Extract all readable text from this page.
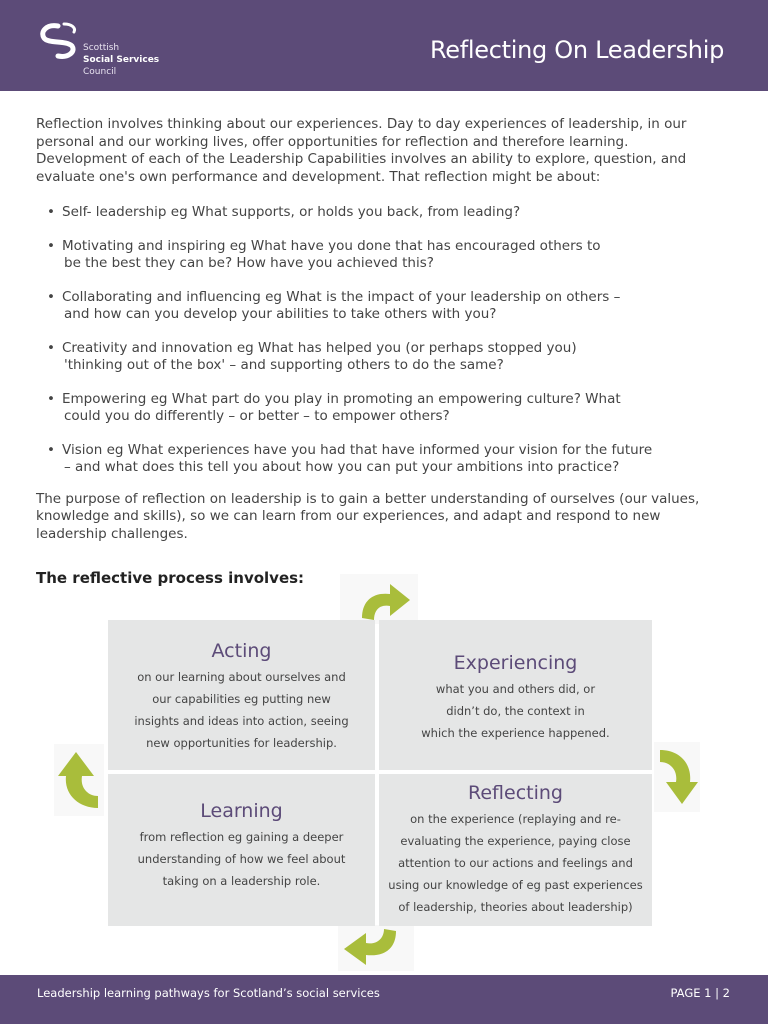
Scottish
Social Services
Council
Reflecting On Leadership

Reflection involves thinking about our experiences. Day to day experiences of leadership, in our personal and our working lives, offer opportunities for reflection and therefore learning. Development of each of the Leadership Capabilities involves an ability to explore, question, and evaluate one's own performance and development. That reflection might be about:

• Self- leadership eg What supports, or holds you back, from leading?
• Motivating and inspiring eg What have you done that has encouraged others to
be the best they can be? How have you achieved this?
• Collaborating and influencing eg What is the impact of your leadership on others –
and how can you develop your abilities to take others with you?
• Creativity and innovation eg What has helped you (or perhaps stopped you)
'thinking out of the box' – and supporting others to do the same?
• Empowering eg What part do you play in promoting an empowering culture? What
could you do differently – or better – to empower others?
• Vision eg What experiences have you had that have informed your vision for the future
– and what does this tell you about how you can put your ambitions into practice?

The purpose of reflection on leadership is to gain a better understanding of ourselves (our values, knowledge and skills), so we can learn from our experiences, and adapt and respond to new leadership challenges.

The reflective process involves:
Acting
on our learning about ourselves and
our capabilities eg putting new
insights and ideas into action, seeing
new opportunities for leadership.
Experiencing
what you and others did, or
didn’t do, the context in
which the experience happened.
Learning
from reflection eg gaining a deeper
understanding of how we feel about
taking on a leadership role.
Reflecting
on the experience (replaying and re-
evaluating the experience, paying close
attention to our actions and feelings and
using our knowledge of eg past experiences
of leadership, theories about leadership)
Leadership learning pathways for Scotland’s social services	PAGE 1 | 2
